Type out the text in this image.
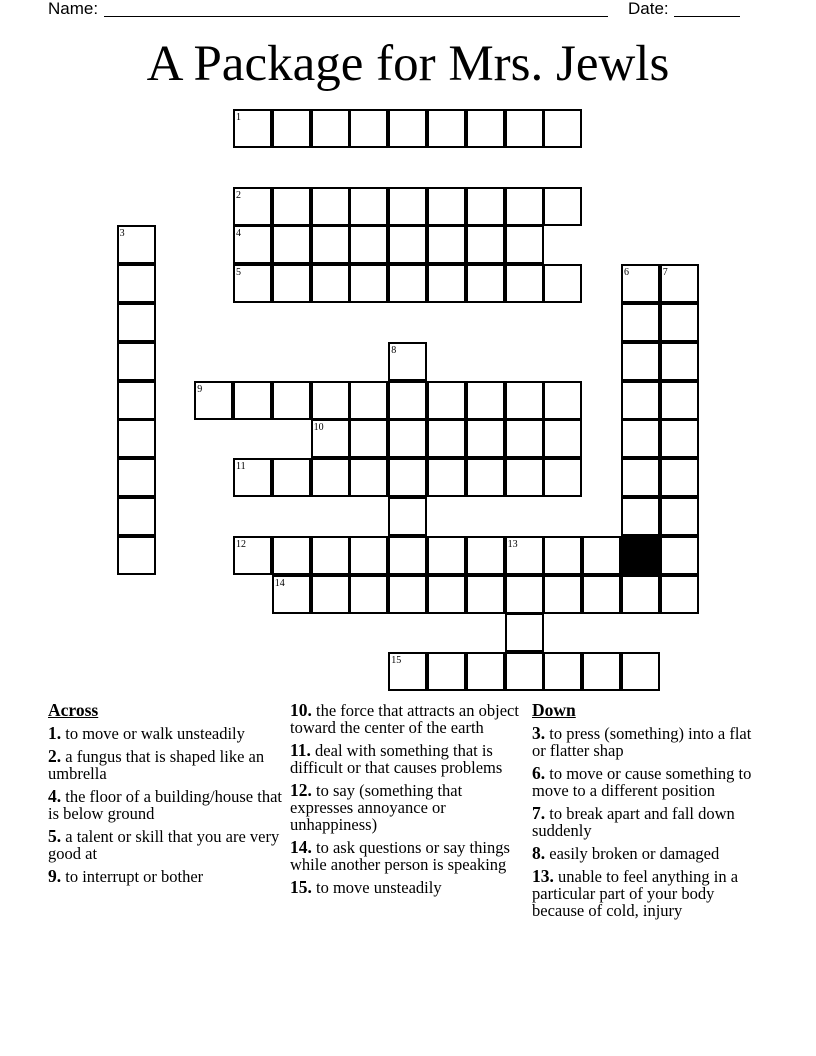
Name:	Date:
A Package for Mrs. Jewls
1
2
3	4
5	6	7
8
9
10
11
12	13
14
15
Across
1. to move or walk unsteadily
2. a fungus that is shaped like an umbrella
4. the floor of a building/house that is below ground
5. a talent or skill that you are very good at
9. to interrupt or bother
10. the force that attracts an object toward the center of the earth
11. deal with something that is difficult or that causes problems
12. to say (something that expresses annoyance or unhappiness)
14. to ask questions or say things while another person is speaking
15. to move unsteadily
Down
3. to press (something) into a flat or flatter shap
6. to move or cause something to move to a different position
7. to break apart and fall down suddenly
8. easily broken or damaged
13. unable to feel anything in a particular part of your body because of cold, injury
